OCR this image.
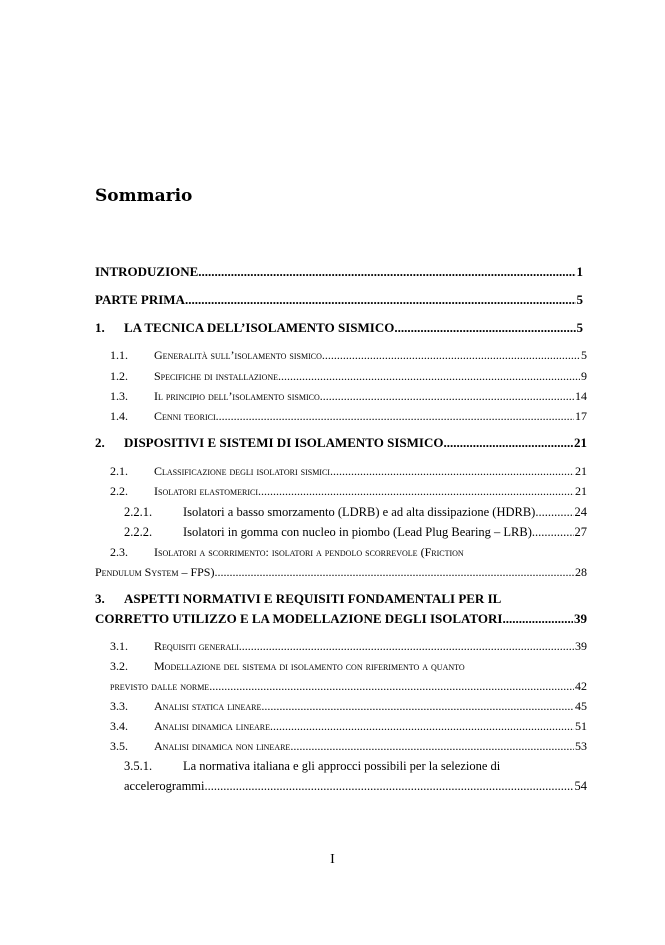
Sommario
INTRODUZIONE .....	1
PARTE PRIMA .....	5
1. LA TECNICA DELL’ISOLAMENTO SISMICO .....	5
1.1. Generalità sull’isolamento sismico .....	5
1.2. Specifiche di installazione .....	9
1.3. Il principio dell’isolamento sismico .....	14
1.4. Cenni teorici .....	17
2. DISPOSITIVI E SISTEMI DI ISOLAMENTO SISMICO .....	21
2.1. Classificazione degli isolatori sismici .....	21
2.2. Isolatori elastomerici .....	21
2.2.1. Isolatori a basso smorzamento (LDRB) e ad alta dissipazione (HDRB) .....	24
2.2.2. Isolatori in gomma con nucleo in piombo (Lead Plug Bearing – LRB) .....	27
2.3. Isolatori a scorrimento: isolatori a pendolo scorrevole (Friction
Pendulum System – FPS) .....	28
3. ASPETTI NORMATIVI E REQUISITI FONDAMENTALI PER IL
CORRETTO UTILIZZO E LA MODELLAZIONE DEGLI ISOLATORI .....	39
3.1. Requisiti generali .....	39
3.2. Modellazione del sistema di isolamento con riferimento a quanto
previsto dalle norme .....	42
3.3. Analisi statica lineare .....	45
3.4. Analisi dinamica lineare .....	51
3.5. Analisi dinamica non lineare .....	53
3.5.1. La normativa italiana e gli approcci possibili per la selezione di
accelerogrammi .....	54
I
